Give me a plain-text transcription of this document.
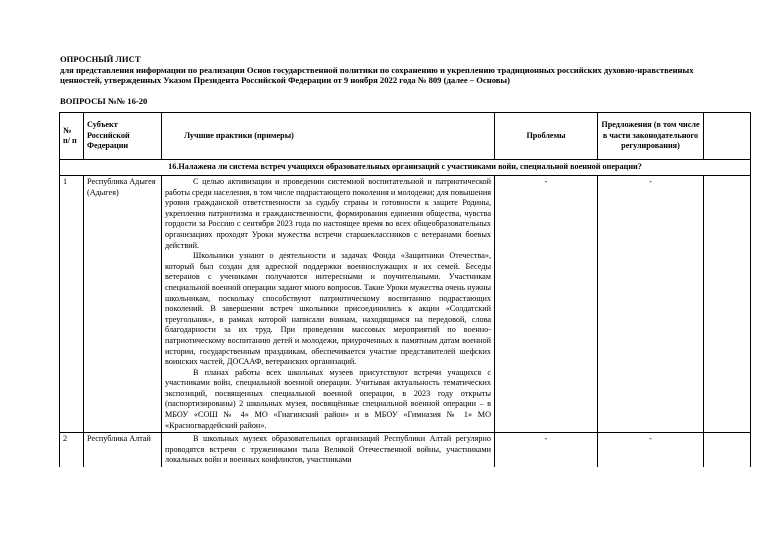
ОПРОСНЫЙ ЛИСТ

для представления информации по реализации Основ государственной политики по сохранению и укреплению традиционных российских духовно-нравственных ценностей, утвержденных Указом Президента Российской Федерации от 9 ноября 2022 года № 809 (далее – Основы)

ВОПРОСЫ №№ 16-20
№ п/ п	Субъект Российской Федерации	Лучшие практики (примеры)	Проблемы	Предложения (в том числе в части законодательного регулирования)	
16.Налажена ли система встреч учащихся образовательных организаций с участниками войн, специальной военной операции?					
1	Республика Адыгея (Адыгея)	С целью активизации и проведении системной воспитательной и патриотической работы среди населения, в том числе подрастающего поколения и молодежи; для повышения уровня гражданской ответственности за судьбу страны и готовности к защите Родины, укрепления патриотизма и гражданственности, формирования единения общества, чувства гордости за Россию с сентября 2023 года по настоящее время во всех общеобразовательных организациях проходят Уроки мужества встречи старшеклассников с ветеранами боевых действий.

Школьники узнают о деятельности и задачах Фонда «Защитники Отечества», который был создан для адресной поддержки военнослужащих и их семей. Беседы ветеранов с учениками получаются интересными и поучительными. Участникам специальной военной операции задают много вопросов. Такие Уроки мужества очень нужны школьникам, поскольку способствуют патриотическому воспитанию подрастающих поколений. В завершении встреч школьники присоединились к акции «Солдатский треугольник», в рамках которой написали воинам, находящимся на передовой, слова благодарности за их труд. При проведении массовых мероприятий по военно-патриотическому воспитанию детей и молодежи, приуроченных к памятным датам военной истории, государственным праздникам, обеспечивается участие представителей шефских воинских частей, ДОСААФ, ветеранских организаций.

В планах работы всех школьных музеев присутствуют встречи учащихся с участниками войн, специальной военной операции. Учитывая актуальность тематических экспозиций, посвященных специальной военной операции, в 2023 году открыты (паспортизированы) 2 школьных музея, посвящённые специальной военной операции – в МБОУ «СОШ № 4» МО «Гиагинский район» и в МБОУ «Гимназия № 1» МО «Красногвардейский район».	-	-	
2	Республика Алтай	В школьных музеях образовательных организаций Республики Алтай регулярно проводятся встречи с тружениками тыла Великой Отечественной войны, участниками локальных войн и военных конфликтов, участниками	-	-	
